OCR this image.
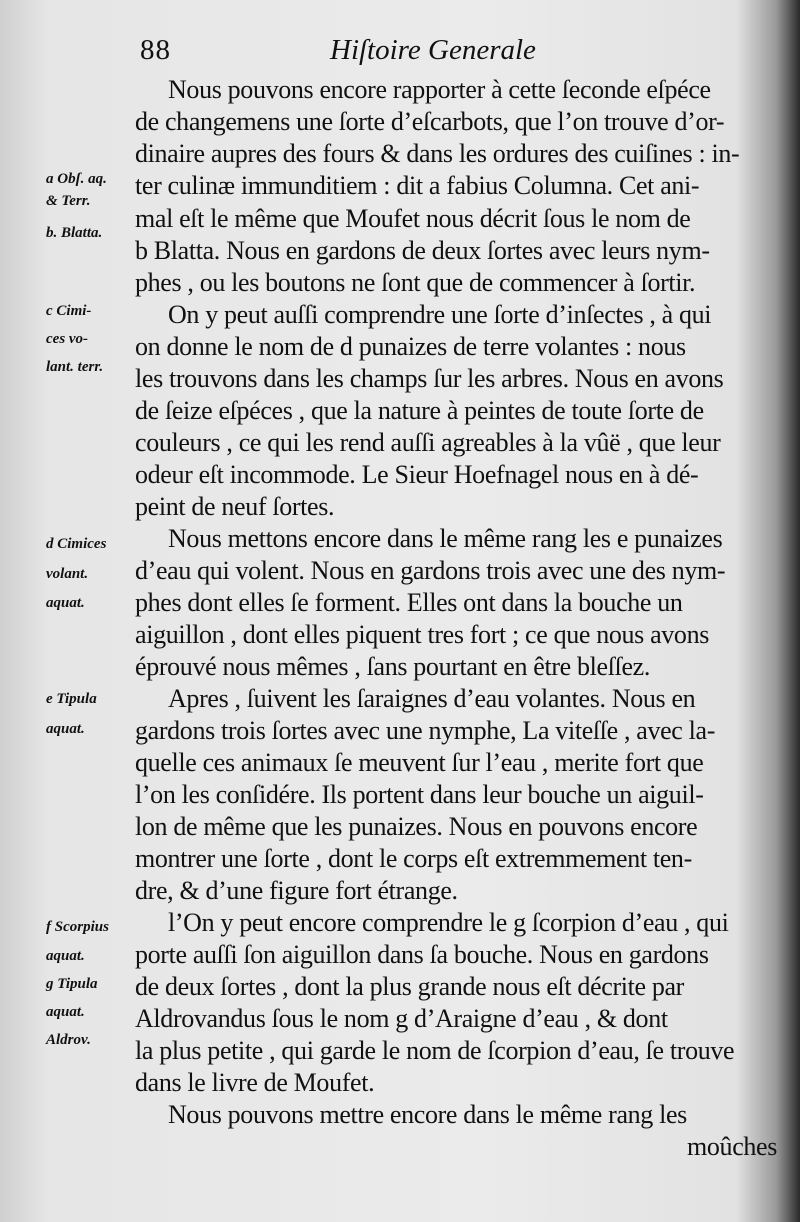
88	Hiſtoire Generale
Nous pouvons encore rapporter à cette ſeconde eſpéce
de changemens une ſorte d’eſcarbots, que l’on trouve d’or-
dinaire aupres des fours & dans les ordures des cuiſines : in-
ter culinæ immunditiem : dit a fabius Columna. Cet ani-
mal eſt le même que Moufet nous décrit ſous le nom de
b Blatta. Nous en gardons de deux ſortes avec leurs nym-
phes , ou les boutons ne ſont que de commencer à ſortir.
On y peut auſſi comprendre une ſorte d’inſectes , à qui
on donne le nom de d punaizes de terre volantes : nous
les trouvons dans les champs ſur les arbres. Nous en avons
de ſeize eſpéces , que la nature à peintes de toute ſorte de
couleurs , ce qui les rend auſſi agreables à la vûë , que leur
odeur eſt incommode. Le Sieur Hoefnagel nous en à dé-
peint de neuf ſortes.
Nous mettons encore dans le même rang les e punaizes
d’eau qui volent. Nous en gardons trois avec une des nym-
phes dont elles ſe forment. Elles ont dans la bouche un
aiguillon , dont elles piquent tres fort ; ce que nous avons
éprouvé nous mêmes , ſans pourtant en être bleſſez.
Apres , ſuivent les ſaraignes d’eau volantes. Nous en
gardons trois ſortes avec une nymphe, La viteſſe , avec la-
quelle ces animaux ſe meuvent ſur l’eau , merite fort que
l’on les conſidére. Ils portent dans leur bouche un aiguil-
lon de même que les punaizes. Nous en pouvons encore
montrer une ſorte , dont le corps eſt extremmement ten-
dre, & d’une figure fort étrange.
l’On y peut encore comprendre le g ſcorpion d’eau , qui
porte auſſi ſon aiguillon dans ſa bouche. Nous en gardons
de deux ſortes , dont la plus grande nous eſt décrite par
Aldrovandus ſous le nom g d’Araigne d’eau , & dont
la plus petite , qui garde le nom de ſcorpion d’eau, ſe trouve
dans le livre de Moufet.
Nous pouvons mettre encore dans le même rang les
moûches
a Obſ. aq.
& Terr.
b. Blatta.
c Cimi-
ces vo-
lant. terr.
d Cimices
volant.
aquat.
e Tipula
aquat.
f Scorpius
aquat.
g Tipula
aquat.
Aldrov.
